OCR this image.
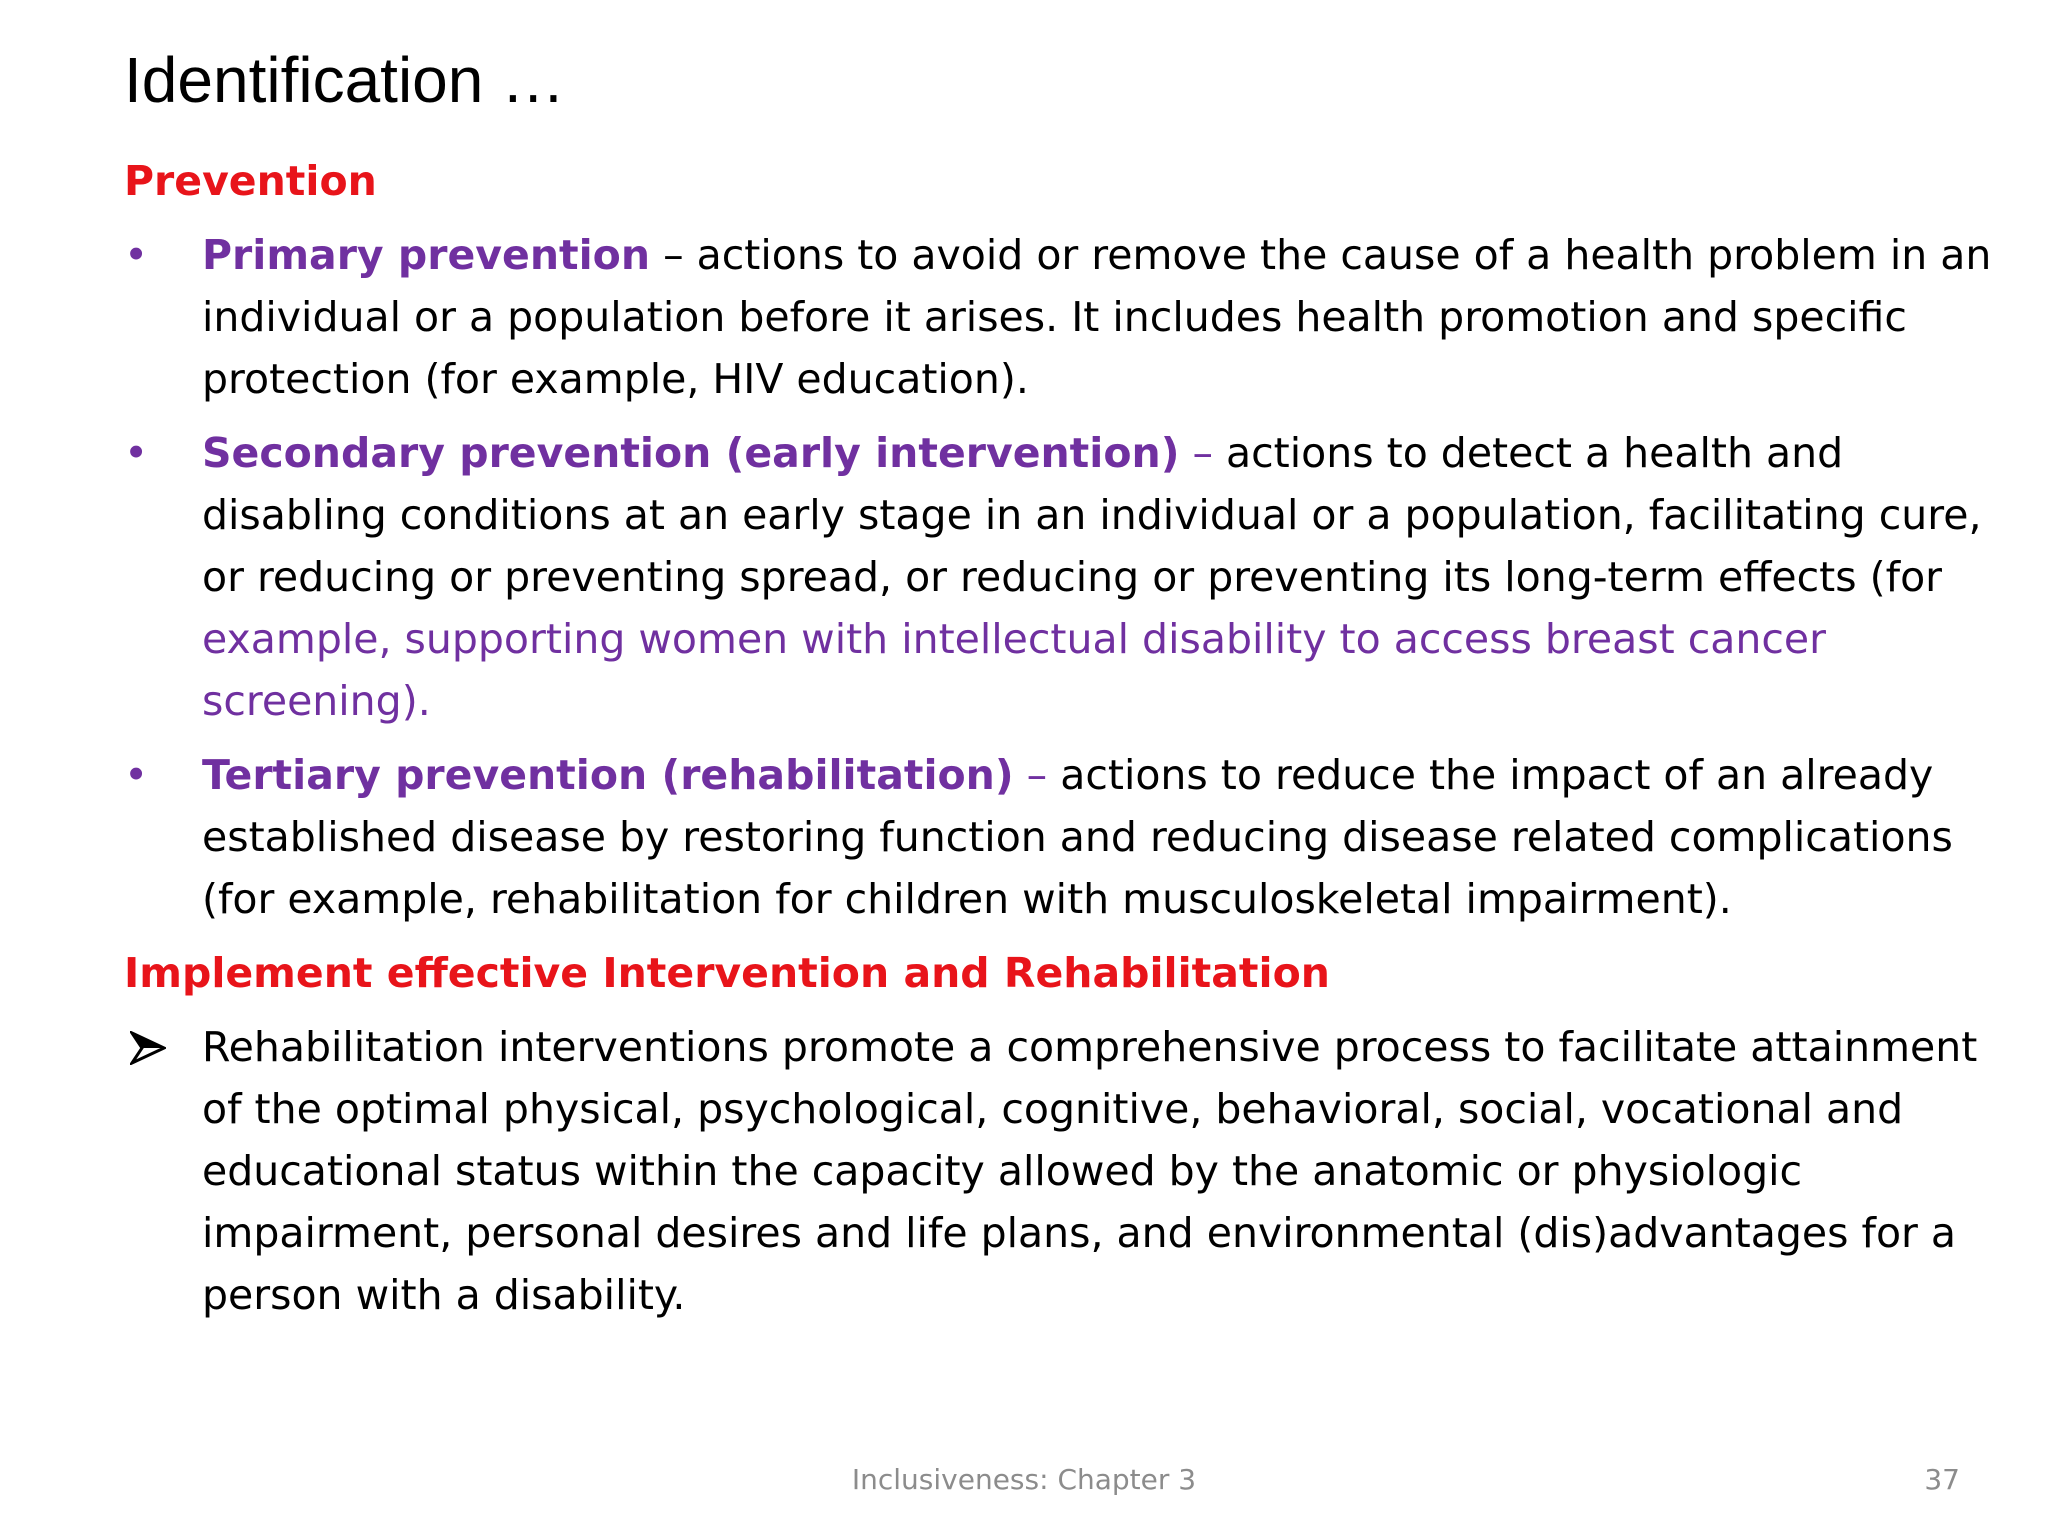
Identification …

Prevention

•	Primary prevention – actions to avoid or remove the cause of a health problem in an individual or a population before it arises. It includes health promotion and specific protection (for example, HIV education).
•	Secondary prevention (early intervention) – actions to detect a health and disabling conditions at an early stage in an individual or a population, facilitating cure, or reducing or preventing spread, or reducing or preventing its long-term effects (for example, supporting women with intellectual disability to access breast cancer screening).
•	Tertiary prevention (rehabilitation) – actions to reduce the impact of an already established disease by restoring function and reducing disease related complications (for example, rehabilitation for children with musculoskeletal impairment).

Implement effective Intervention and Rehabilitation

Rehabilitation interventions promote a comprehensive process to facilitate attainment of the optimal physical, psychological, cognitive, behavioral, social, vocational and educational status within the capacity allowed by the anatomic or physiologic impairment, personal desires and life plans, and environmental (dis)advantages for a person with a disability.
Inclusiveness: Chapter 3	37
